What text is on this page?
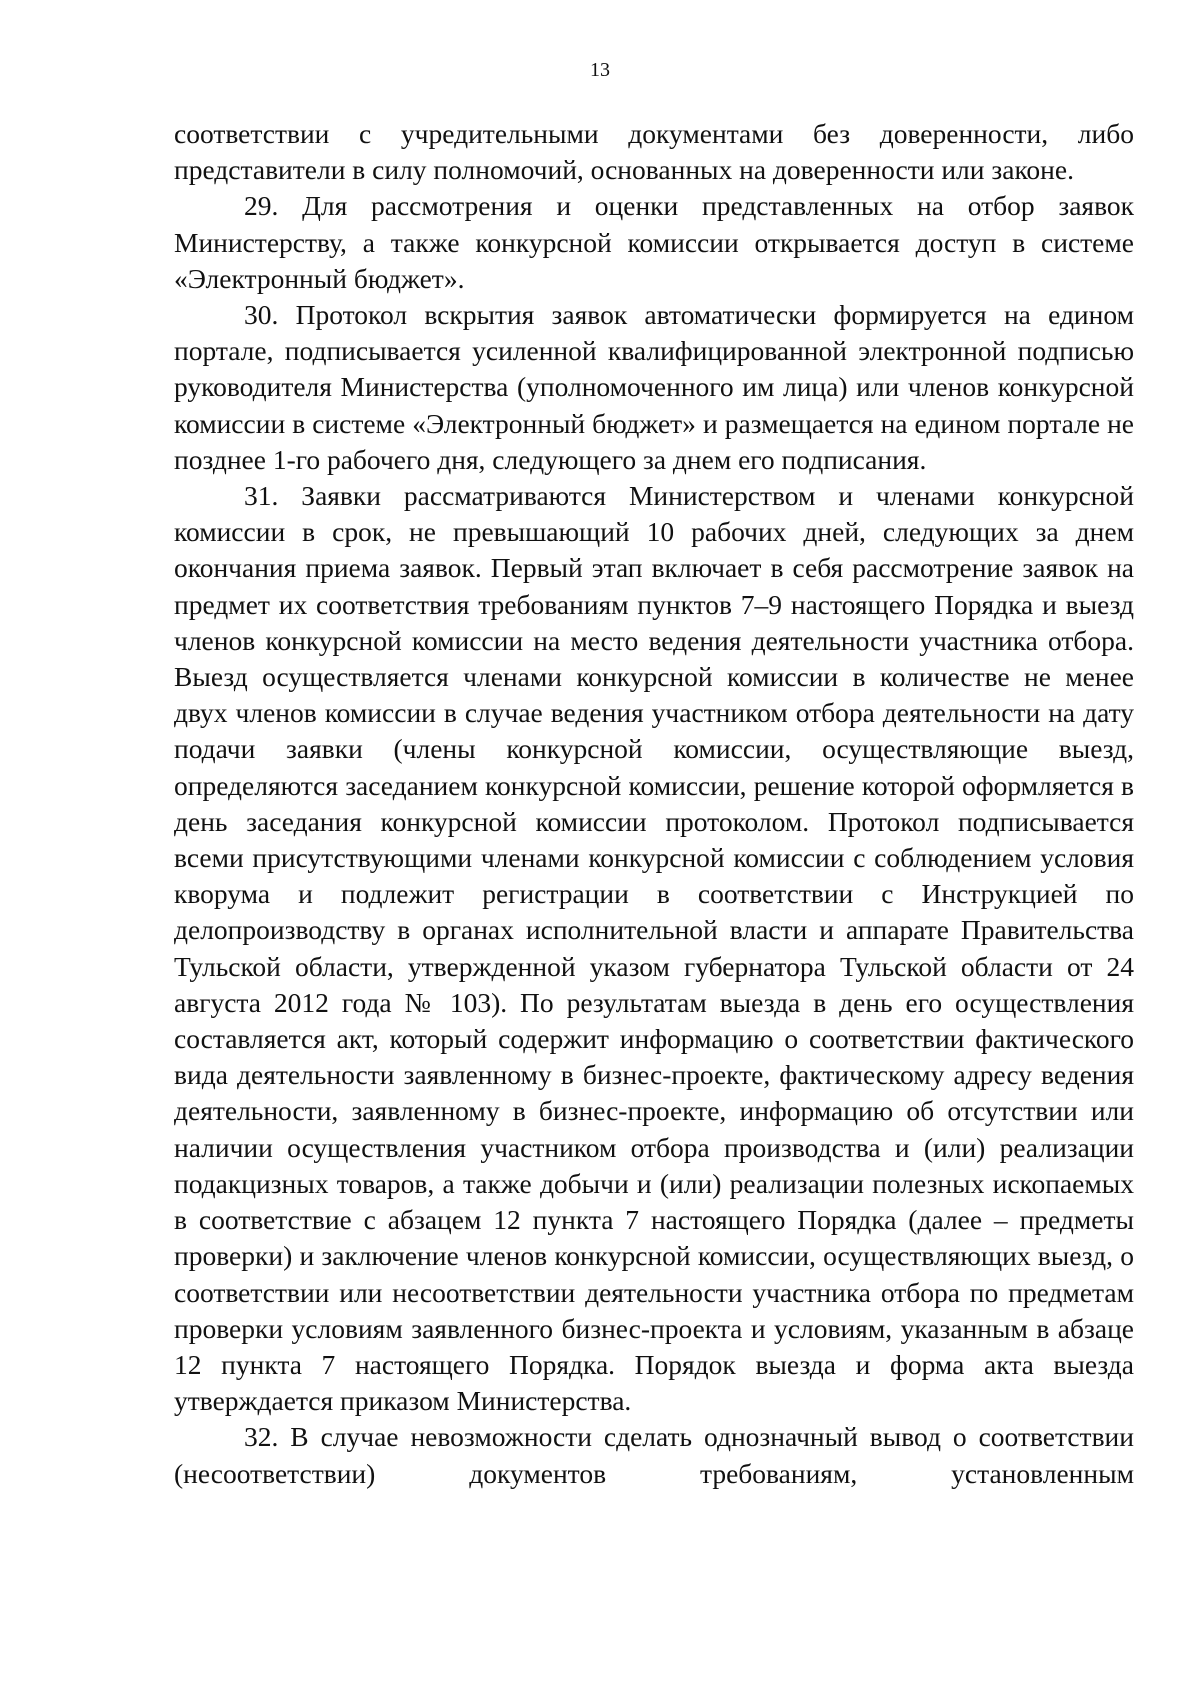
13

соответствии с учредительными документами без доверенности, либо представители в силу полномочий, основанных на доверенности или законе.

29. Для рассмотрения и оценки представленных на отбор заявок Министерству, а также конкурсной комиссии открывается доступ в системе «Электронный бюджет».

30. Протокол вскрытия заявок автоматически формируется на едином портале, подписывается усиленной квалифицированной электронной подписью руководителя Министерства (уполномоченного им лица) или членов конкурсной комиссии в системе «Электронный бюджет» и размещается на едином портале не позднее 1-го рабочего дня, следующего за днем его подписания.

31. Заявки рассматриваются Министерством и членами конкурсной комиссии в срок, не превышающий 10 рабочих дней, следующих за днем окончания приема заявок. Первый этап включает в себя рассмотрение заявок на предмет их соответствия требованиям пунктов 7–9 настоящего Порядка и выезд членов конкурсной комиссии на место ведения деятельности участника отбора. Выезд осуществляется членами конкурсной комиссии в количестве не менее двух членов комиссии в случае ведения участником отбора деятельности на дату подачи заявки (члены конкурсной комиссии, осуществляющие выезд, определяются заседанием конкурсной комиссии, решение которой оформляется в день заседания конкурсной комиссии протоколом. Протокол подписывается всеми присутствующими членами конкурсной комиссии с соблюдением условия кворума и подлежит регистрации в соответствии с Инструкцией по делопроизводству в органах исполнительной власти и аппарате Правительства Тульской области, утвержденной указом губернатора Тульской области от 24 августа 2012 года № 103). По результатам выезда в день его осуществления составляется акт, который содержит информацию о соответствии фактического вида деятельности заявленному в бизнес-проекте, фактическому адресу ведения деятельности, заявленному в бизнес-проекте, информацию об отсутствии или наличии осуществления участником отбора производства и (или) реализации подакцизных товаров, а также добычи и (или) реализации полезных ископаемых в соответствие с абзацем 12 пункта 7 настоящего Порядка (далее – предметы проверки) и заключение членов конкурсной комиссии, осуществляющих выезд, о соответствии или несоответствии деятельности участника отбора по предметам проверки условиям заявленного бизнес-проекта и условиям, указанным в абзаце 12 пункта 7 настоящего Порядка. Порядок выезда и форма акта выезда утверждается приказом Министерства.

32. В случае невозможности сделать однозначный вывод о соответствии (несоответствии) документов требованиям, установленным
